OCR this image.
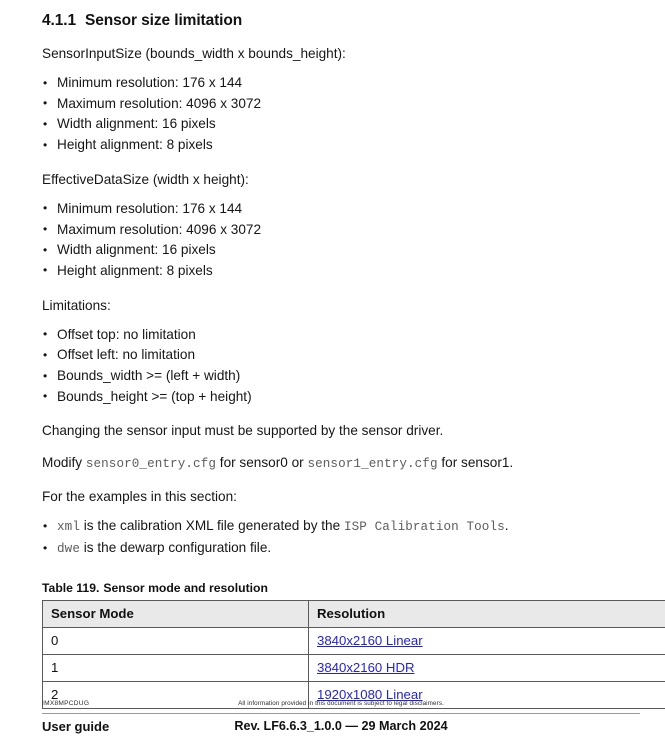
4.1.1 Sensor size limitation

SensorInputSize (bounds_width x bounds_height):

• Minimum resolution: 176 x 144
• Maximum resolution: 4096 x 3072
• Width alignment: 16 pixels
• Height alignment: 8 pixels

EffectiveDataSize (width x height):

• Minimum resolution: 176 x 144
• Maximum resolution: 4096 x 3072
• Width alignment: 16 pixels
• Height alignment: 8 pixels

Limitations:

• Offset top: no limitation
• Offset left: no limitation
• Bounds_width >= (left + width)
• Bounds_height >= (top + height)

Changing the sensor input must be supported by the sensor driver.

Modify sensor0_entry.cfg for sensor0 or sensor1_entry.cfg for sensor1.

For the examples in this section:

• xml is the calibration XML file generated by the ISP Calibration Tools.
• dwe is the dewarp configuration file.

Table 119. Sensor mode and resolution

Sensor Mode	Resolution
0	3840x2160 Linear
1	3840x2160 HDR
2	1920x1080 Linear
IMX8MPCDUG	All information provided in this document is subject to legal disclaimers.
User guide	Rev. LF6.6.3_1.0.0 — 29 March 2024
